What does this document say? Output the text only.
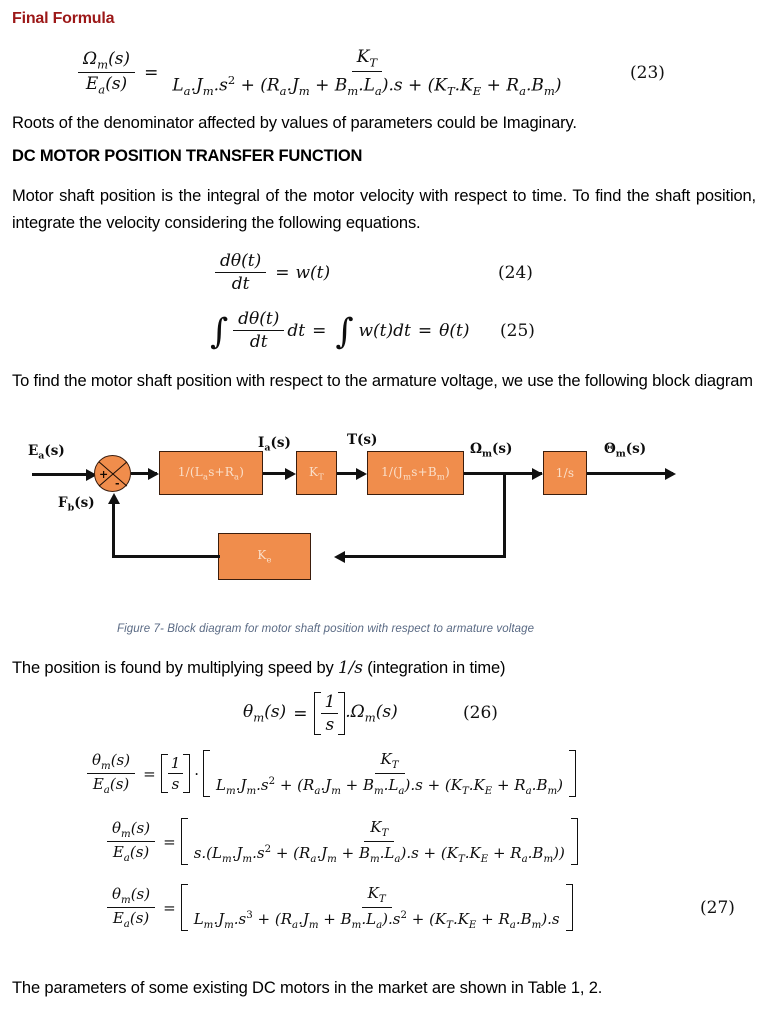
Final Formula
$\frac{\Omega_m(s)}{E_a(s)} = \frac{K_T}{L_a.J_m.s^2 + (R_a.J_m + B_m.L_a).s + (K_T.K_E + R_a.B_m)}$	(23)
Roots of the denominator affected by values of parameters could be Imaginary.
DC MOTOR POSITION TRANSFER FUNCTION
Motor shaft position is the integral of the motor velocity with respect to time. To find the shaft position, integrate the velocity considering the following equations.
$\frac{d\theta(t)}{dt} = w(t)$	(24)
∫ $\frac{d\theta(t)}{dt}$ dt = ∫ w(t)dt = θ(t) (25)
To find the motor shaft position with respect to the armature voltage, we use the following block diagram
$E_a(s)$
$F_b(s)$
$I_a(s)$	T(s)
$\Omega_m(s)$	$\Theta_m(s)$
+
-
$1/(L_as+R_a)$	$K_T$	$1/(J_ms+B_m)$	1/s
$K_e$
Figure 7- Block diagram for motor shaft position with respect to armature voltage
The position is found by multiplying speed by 1/s (integration in time)
$\theta_m(s) = \frac{1}{s} .\Omega_m(s)$	(26)
$\frac{\theta_m(s)}{E_a(s)} = \frac{1}{s} \cdot \frac{K_T}{L_m.J_m.s^2 + (R_a.J_m + B_m.L_a).s + (K_T.K_E + R_a.B_m)}$
$\frac{\theta_m(s)}{E_a(s)} = \frac{K_T}{s.(L_m.J_m.s^2 + (R_a.J_m + B_m.L_a).s + (K_T.K_E + R_a.B_m))}$
$\frac{\theta_m(s)}{E_a(s)} = \frac{K_T}{L_m.J_m.s^3 + (R_a.J_m + B_m.L_a).s^2 + (K_T.K_E + R_a.B_m).s}$	(27)
The parameters of some existing DC motors in the market are shown in Table 1, 2.
